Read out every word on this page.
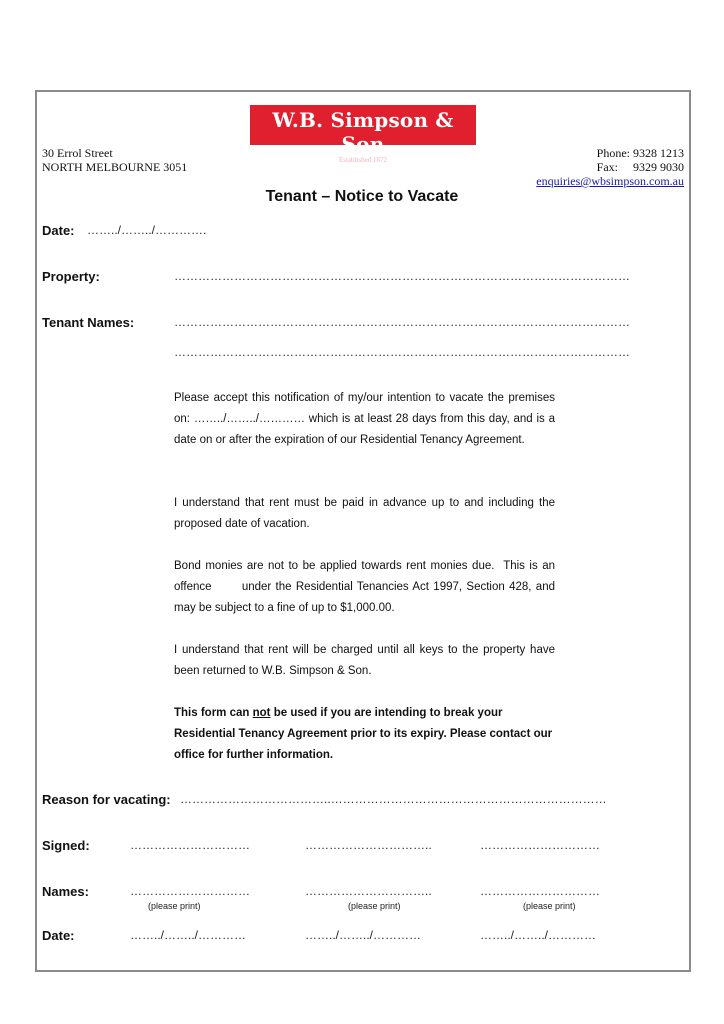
W.B. Simpson & Son
Established 1872
30 Errol Street
NORTH MELBOURNE 3051
Phone: 9328 1213
Fax:     9329 9030
enquiries@wbsimpson.com.au
Tenant – Notice to Vacate
Date: ……../……../………….
Property:	……………………………………………………………………………………………………
Tenant Names:	……………………………………………………………………………………………………
……………………………………………………………………………………………………
Please accept this notification of my/our intention to vacate the premises on: ……../……../………… which is at least 28 days from this day, and is a date on or after the expiration of our Residential Tenancy Agreement.
I understand that rent must be paid in advance up to and including the proposed date of vacation.
Bond monies are not to be applied towards rent monies due.  This is an offence       under the Residential Tenancies Act 1997, Section 428, and may be subject to a fine of up to $1,000.00.
I understand that rent will be charged until all keys to the property have been returned to W.B. Simpson & Son.
This form can not be used if you are intending to break your Residential Tenancy Agreement prior to its expiry. Please contact our office for further information.
Reason for vacating: ………………………………..……………………………………………………………
Signed:	…………………………	…………………………..	…………………………
Names:	…………………………	…………………………..	…………………………
(please print)	(please print)	(please print)
Date:	……../……../…………	……../……../…………	……../……../…………
